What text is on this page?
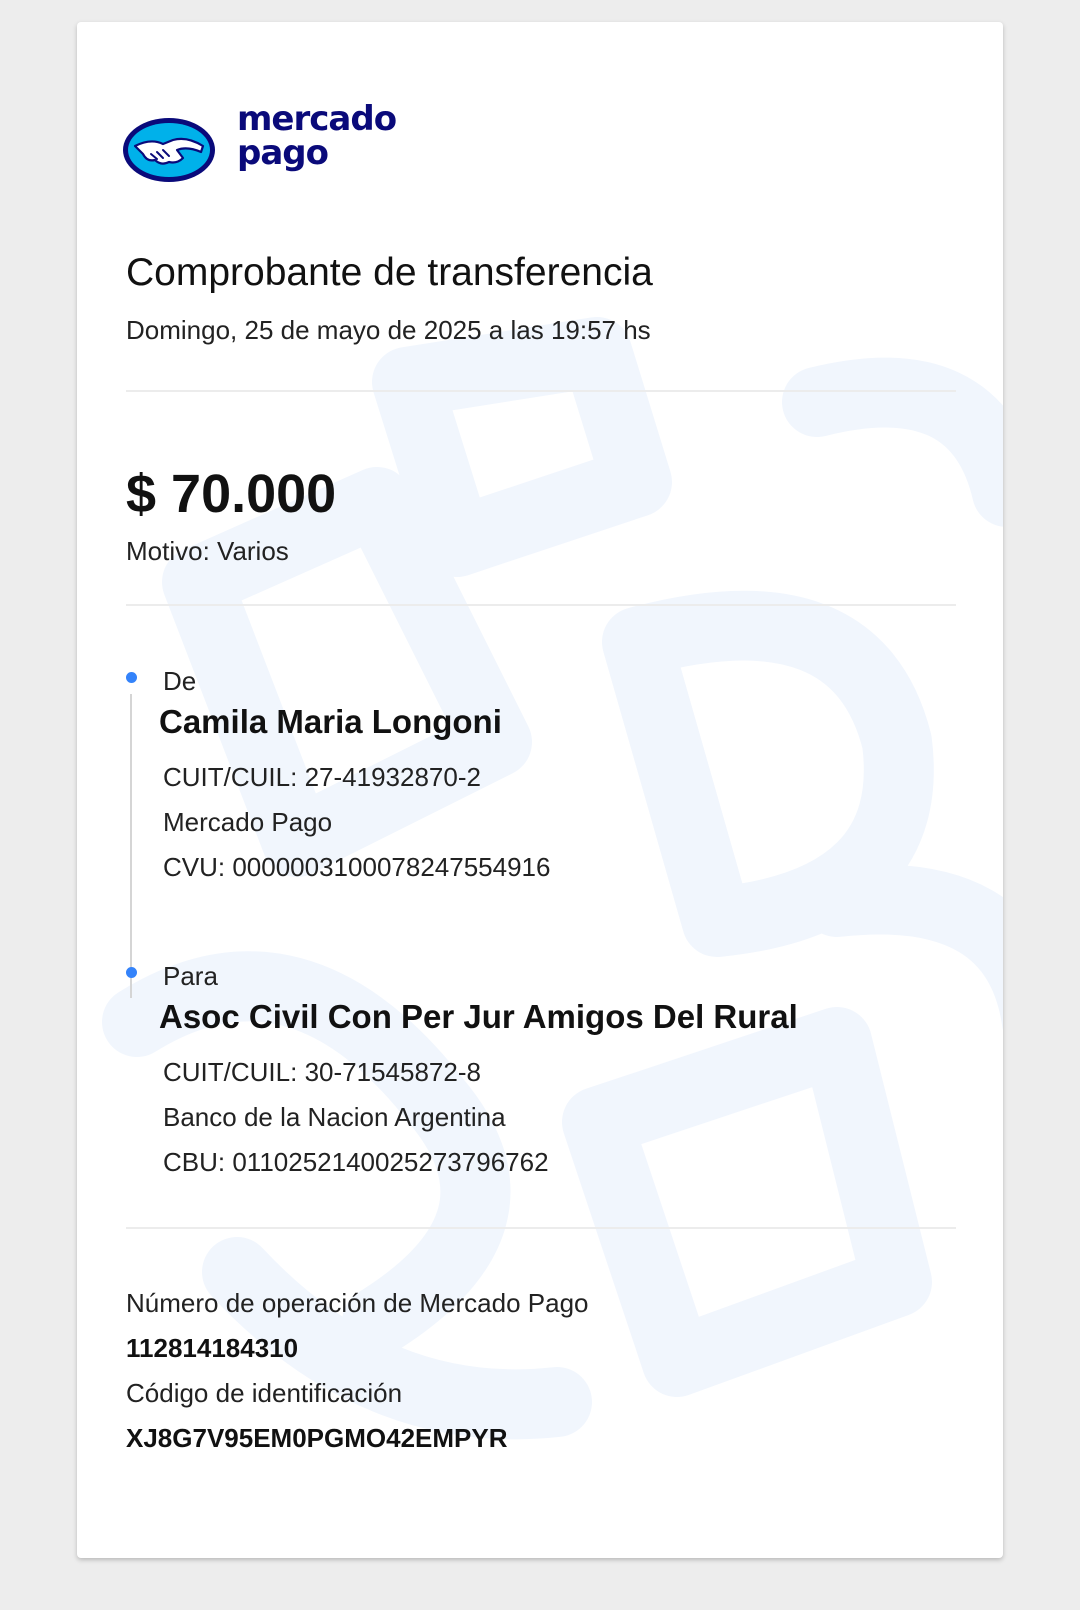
mercado
pago
Comprobante de transferencia
Domingo, 25 de mayo de 2025 a las 19:57 hs
$ 70.000
Motivo: Varios
De
Camila Maria Longoni
CUIT/CUIL: 27-41932870-2
Mercado Pago
CVU: 0000003100078247554916
Para
Asoc Civil Con Per Jur Amigos Del Rural
CUIT/CUIL: 30-71545872-8
Banco de la Nacion Argentina
CBU: 0110252140025273796762
Número de operación de Mercado Pago
112814184310
Código de identificación
XJ8G7V95EM0PGMO42EMPYR
